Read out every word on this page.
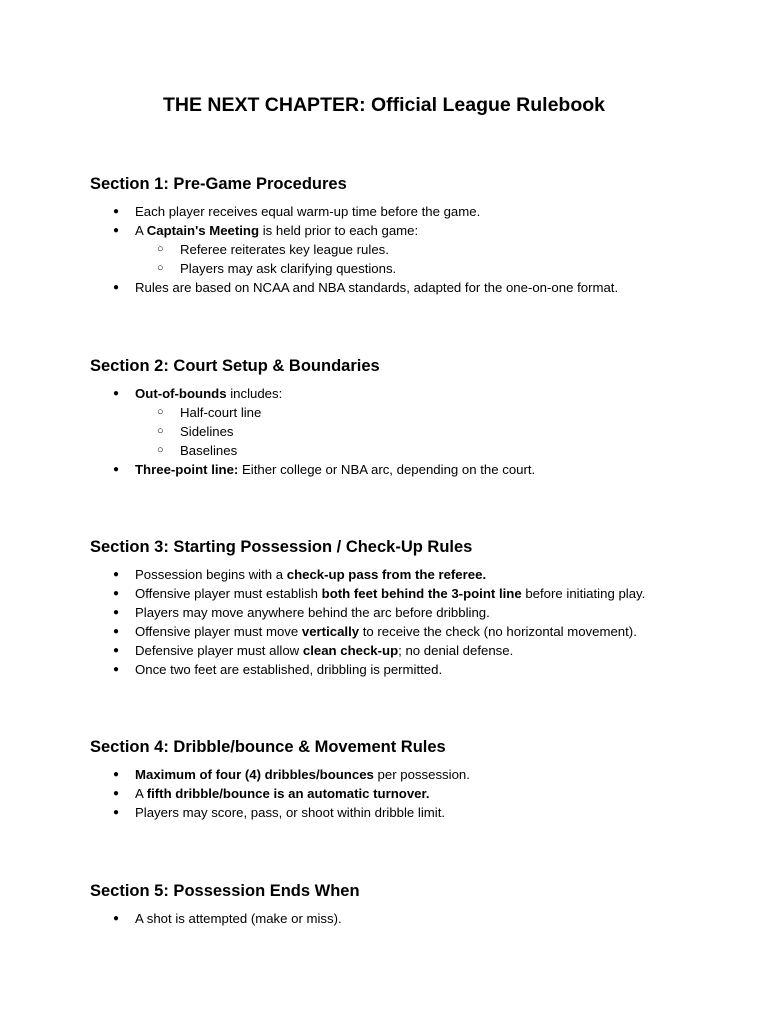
THE NEXT CHAPTER: Official League Rulebook
Section 1: Pre-Game Procedures
● Each player receives equal warm-up time before the game.
● A Captain's Meeting is held prior to each game:
○ Referee reiterates key league rules.
○ Players may ask clarifying questions.
● Rules are based on NCAA and NBA standards, adapted for the one-on-one format.
Section 2: Court Setup & Boundaries
● Out-of-bounds includes:
○ Half-court line
○ Sidelines
○ Baselines
● Three-point line: Either college or NBA arc, depending on the court.
Section 3: Starting Possession / Check-Up Rules
● Possession begins with a check-up pass from the referee.
● Offensive player must establish both feet behind the 3-point line before initiating play.
● Players may move anywhere behind the arc before dribbling.
● Offensive player must move vertically to receive the check (no horizontal movement).
● Defensive player must allow clean check-up; no denial defense.
● Once two feet are established, dribbling is permitted.
Section 4: Dribble/bounce & Movement Rules
● Maximum of four (4) dribbles/bounces per possession.
● A fifth dribble/bounce is an automatic turnover.
● Players may score, pass, or shoot within dribble limit.
Section 5: Possession Ends When
● A shot is attempted (make or miss).
